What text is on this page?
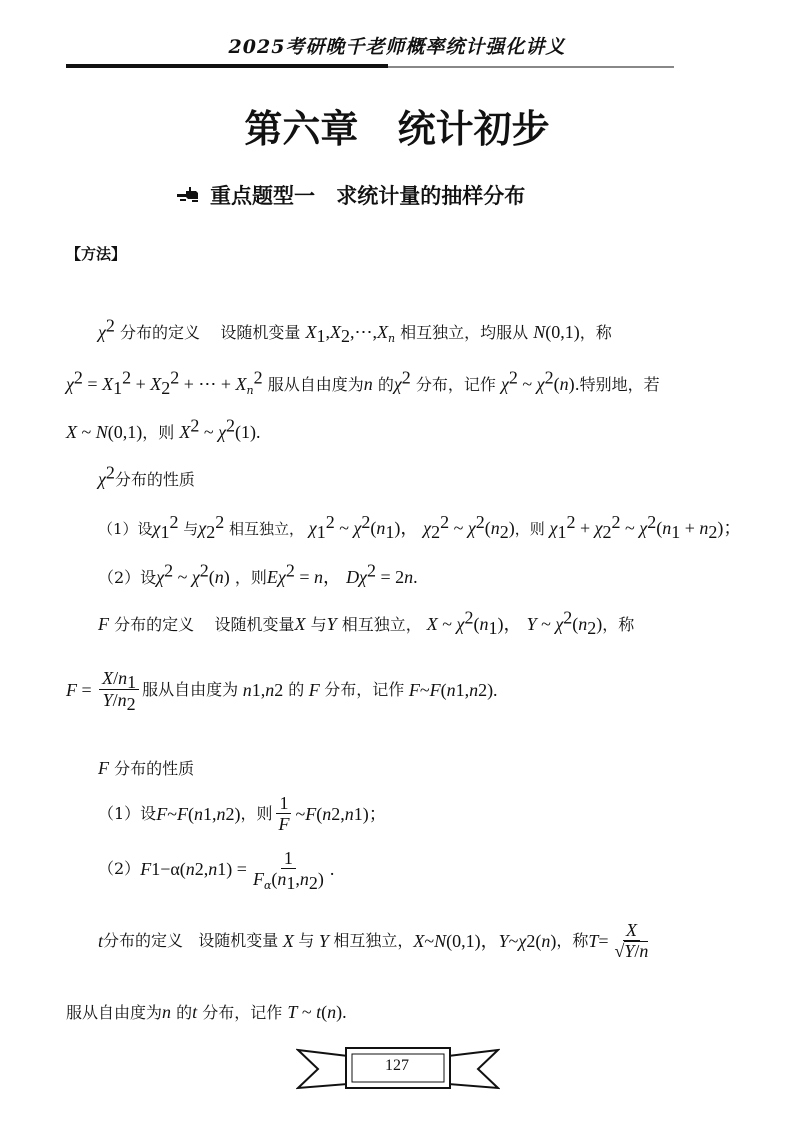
2025考研晚千老师概率统计强化讲义
第六章 统计初步
重点题型一 求统计量的抽样分布
【方法】
$\chi^2$ 分布的定义 设随机变量 $X_1,X_2,\cdots,X_n$ 相互独立，均服从 N(0,1)，称
$\chi^2 = X_1^2 + X_2^2$ + ⋯ + $X_n^2$ 服从自由度为n 的$\chi^2$ 分布，记作 $\chi^2$ ~ $\chi^2(n)$.特别地，若
X ~ N(0,1)，则 $X^2$ ~ $\chi^2(1)$.
$\chi^2$分布的性质
（1）设$\chi_1^2$ 与$\chi_2^2$ 相互独立， $\chi_1^2$ ~ $\chi^2(n_1)$， $\chi_2^2$ ~ $\chi^2(n_2)$，则 $\chi_1^2 + \chi_2^2$ ~ $\chi^2(n_1 + n_2)$；
（2）设$\chi^2$ ~ $\chi^2(n)$ ，则$E\chi^2 = n$， $D\chi^2 = 2n$.
F 分布的定义 设随机变量X 与Y 相互独立， X ~ $\chi^2(n_1)$， Y ~ $\chi^2(n_2)$，称
$F = \frac{X/n_1}{Y/n_2}$ 服从自由度为 n 1 , n 2
的 F 分布，记作 F ~ F ( n 1 , n 2 ).
F 分布的性质
（1）设 F ~ F ( n 1 , n 2 ) ，则 $\frac{1}{F}$ ~ F ( n 2 , n 1 )；
（2） F 1−α ( n 2 , n 1 ) = $\frac{1}{F_\alpha(n_1,n_2)}$ .
t 分布的定义
设随机变量 X 与 Y 相互独立， X ~ N (0,1)， Y ~ χ 2 ( n ) ，称 $T = \frac{X}{√Y/n}$
服从自由度为n 的t 分布，记作 T ~ t(n).
127
